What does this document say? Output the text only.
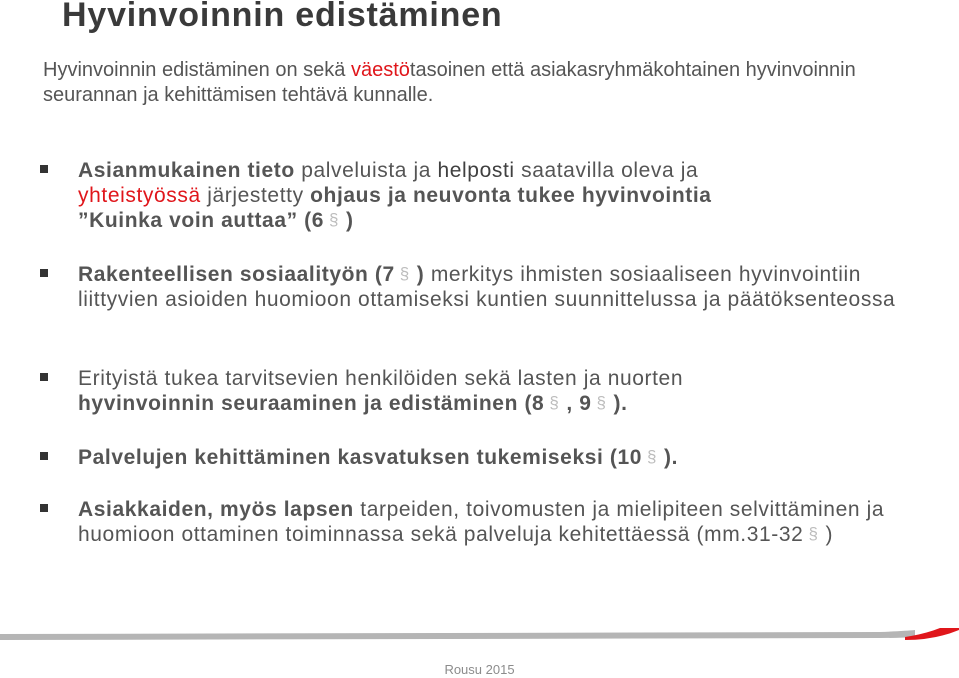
Hyvinvoinnin edistäminen
Hyvinvoinnin edistäminen on sekä väestötasoinen että asiakasryhmäkohtainen hyvinvoinnin seurannan ja kehittämisen tehtävä kunnalle.
Asianmukainen tieto palveluista ja helposti saatavilla oleva ja
yhteistyössä järjestetty ohjaus ja neuvonta tukee hyvinvointia
”Kuinka voin auttaa” (6 § )
Rakenteellisen sosiaalityön (7 § ) merkitys ihmisten sosiaaliseen hyvinvointiin liittyvien asioiden huomioon ottamiseksi kuntien suunnittelussa ja päätöksenteossa
Erityistä tukea tarvitsevien henkilöiden sekä lasten ja nuorten
hyvinvoinnin seuraaminen ja edistäminen (8 § , 9 § ).
Palvelujen kehittäminen kasvatuksen tukemiseksi (10 § ).
Asiakkaiden, myös lapsen tarpeiden, toivomusten ja mielipiteen selvittäminen ja huomioon ottaminen toiminnassa sekä palveluja kehitettäessä (mm.31-32 § )
Rousu 2015
